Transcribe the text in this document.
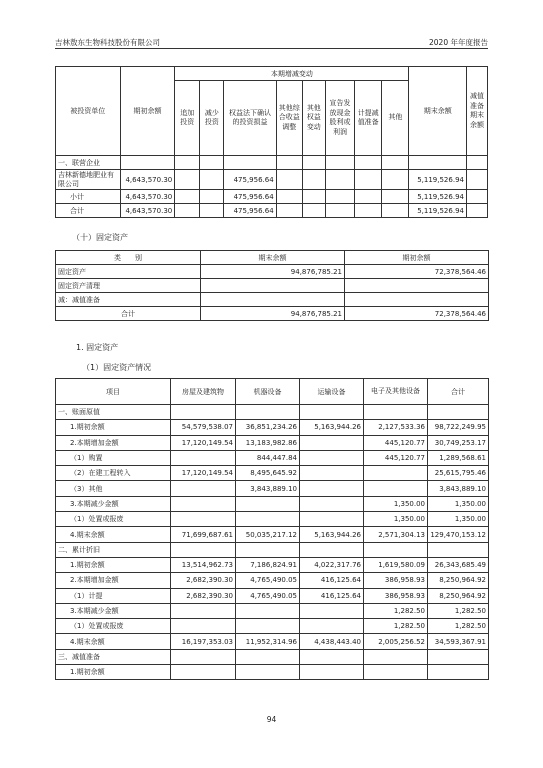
吉林敖东生物科技股份有限公司	2020 年年度报告
被投资单位	期初余额	本期增减变动								期末余额	减值准备期末余额
		追加投资	减少投资	权益法下确认的投资损益	其他综合收益调整	其他权益变动	宣告发放现金股利或利润	计提减值准备	其他		
一、联营企业											
吉林新德地肥业有限公司	4,643,570.30			475,956.64						5,119,526.94	
小计	4,643,570.30			475,956.64						5,119,526.94	
合计	4,643,570.30			475,956.64						5,119,526.94	
（十）固定资产
类　　别	期末余额	期初余额
固定资产	94,876,785.21	72,378,564.46
固定资产清理		
减：减值准备		
合计	94,876,785.21	72,378,564.46
1. 固定资产
（1）固定资产情况
项目	房屋及建筑物	机器设备	运输设备	电子及其他设备	合计
一、账面原值					
1.期初余额	54,579,538.07	36,851,234.26	5,163,944.26	2,127,533.36	98,722,249.95
2.本期增加金额	17,120,149.54	13,183,982.86		445,120.77	30,749,253.17
（1）购置		844,447.84		445,120.77	1,289,568.61
（2）在建工程转入	17,120,149.54	8,495,645.92			25,615,795.46
（3）其他		3,843,889.10			3,843,889.10
3.本期减少金额				1,350.00	1,350.00
（1）处置或报废				1,350.00	1,350.00
4.期末余额	71,699,687.61	50,035,217.12	5,163,944.26	2,571,304.13	129,470,153.12
二、累计折旧					
1.期初余额	13,514,962.73	7,186,824.91	4,022,317.76	1,619,580.09	26,343,685.49
2.本期增加金额	2,682,390.30	4,765,490.05	416,125.64	386,958.93	8,250,964.92
（1）计提	2,682,390.30	4,765,490.05	416,125.64	386,958.93	8,250,964.92
3.本期减少金额				1,282.50	1,282.50
（1）处置或报废				1,282.50	1,282.50
4.期末余额	16,197,353.03	11,952,314.96	4,438,443.40	2,005,256.52	34,593,367.91
三、减值准备					
1.期初余额					
94
